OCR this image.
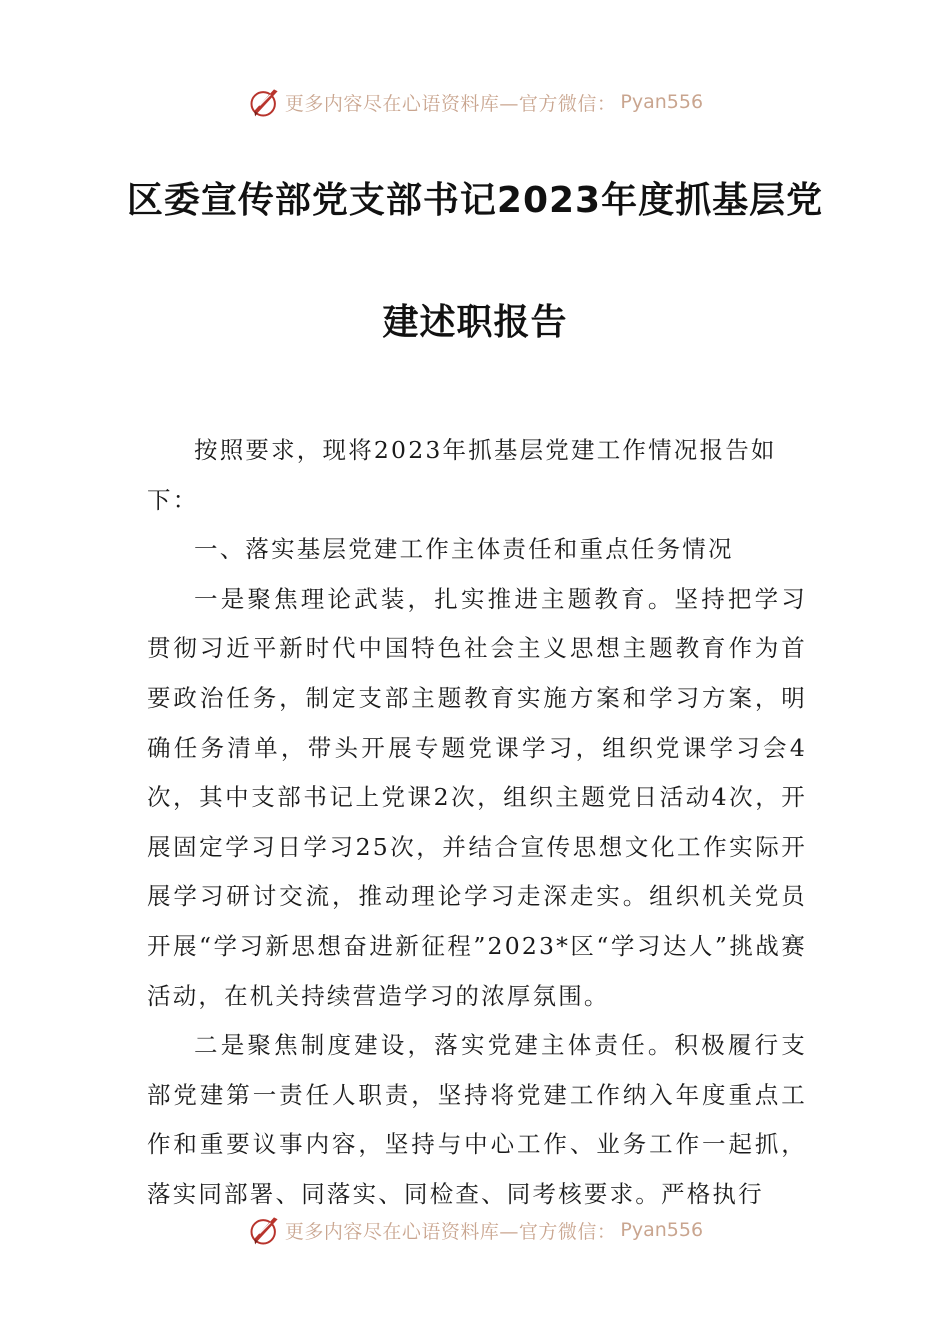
更多内容尽在心语资料库—官方微信： Pyan556
区委宣传部党支部书记2023年度抓基层党
建述职报告

按照要求，现将2023年抓基层党建工作情况报告如下：

一、落实基层党建工作主体责任和重点任务情况

一是聚焦理论武装，扎实推进主题教育。坚持把学习贯彻习近平新时代中国特色社会主义思想主题教育作为首要政治任务，制定支部主题教育实施方案和学习方案，明确任务清单，带头开展专题党课学习，组织党课学习会4次，其中支部书记上党课2次，组织主题党日活动4次，开展固定学习日学习25次，并结合宣传思想文化工作实际开展学习研讨交流，推动理论学习走深走实。组织机关党员开展“学习新思想奋进新征程”2023*区“学习达人”挑战赛活动，在机关持续营造学习的浓厚氛围。

二是聚焦制度建设，落实党建主体责任。积极履行支部党建第一责任人职责，坚持将党建工作纳入年度重点工作和重要议事内容，坚持与中心工作、业务工作一起抓，落实同部署、同落实、同检查、同考核要求。严格执行

更多内容尽在心语资料库—官方微信： Pyan556
